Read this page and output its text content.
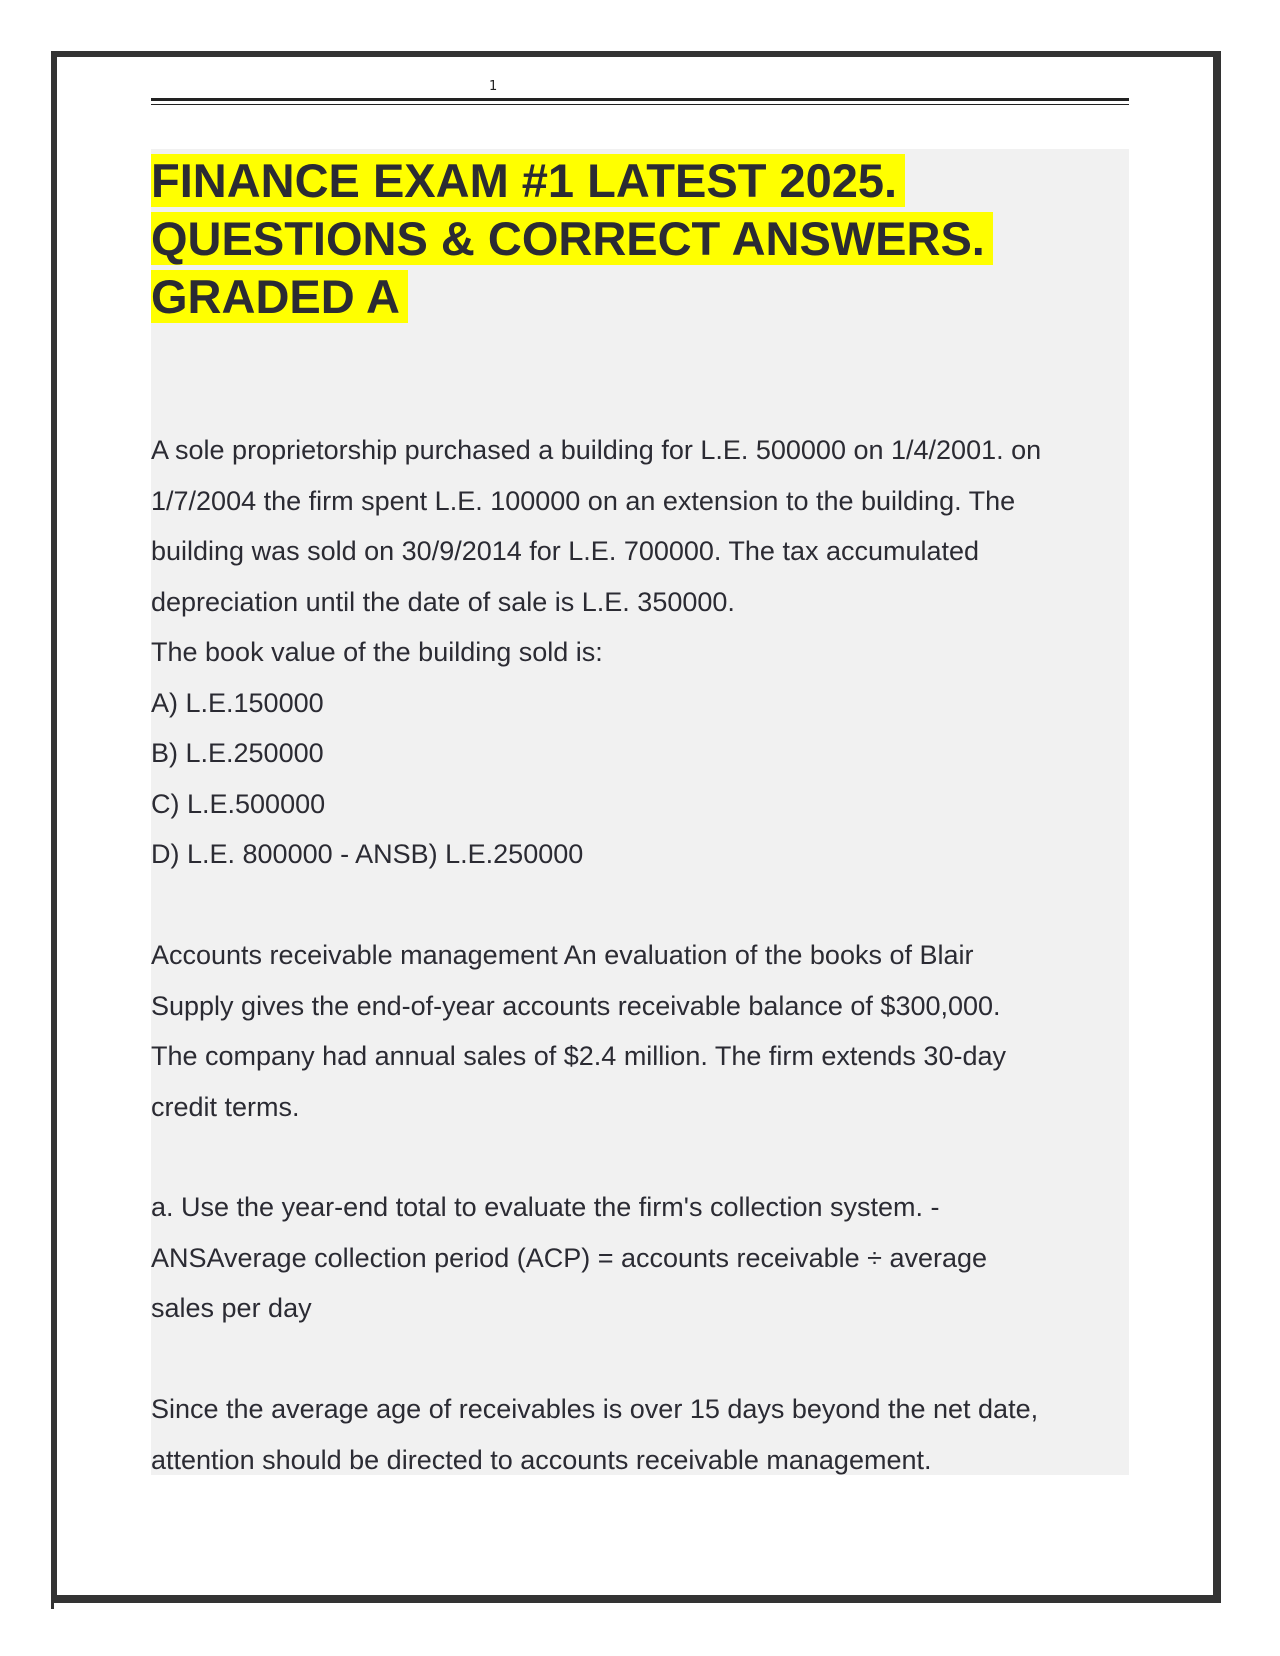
1
FINANCE EXAM #1 LATEST 2025.
QUESTIONS & CORRECT ANSWERS.
GRADED A
A sole proprietorship purchased a building for L.E. 500000 on 1/4/2001. on
1/7/2004 the firm spent L.E. 100000 on an extension to the building. The
building was sold on 30/9/2014 for L.E. 700000. The tax accumulated
depreciation until the date of sale is L.E. 350000.
The book value of the building sold is:
A) L.E.150000
B) L.E.250000
C) L.E.500000
D) L.E. 800000 - ANSB) L.E.250000
Accounts receivable management An evaluation of the books of Blair
Supply gives the end-of-year accounts receivable balance of $300,000.
The company had annual sales of $2.4 million. The firm extends 30-day
credit terms.
a. Use the year-end total to evaluate the firm's collection system. -
ANSAverage collection period (ACP) = accounts receivable ÷ average
sales per day
Since the average age of receivables is over 15 days beyond the net date,
attention should be directed to accounts receivable management.
